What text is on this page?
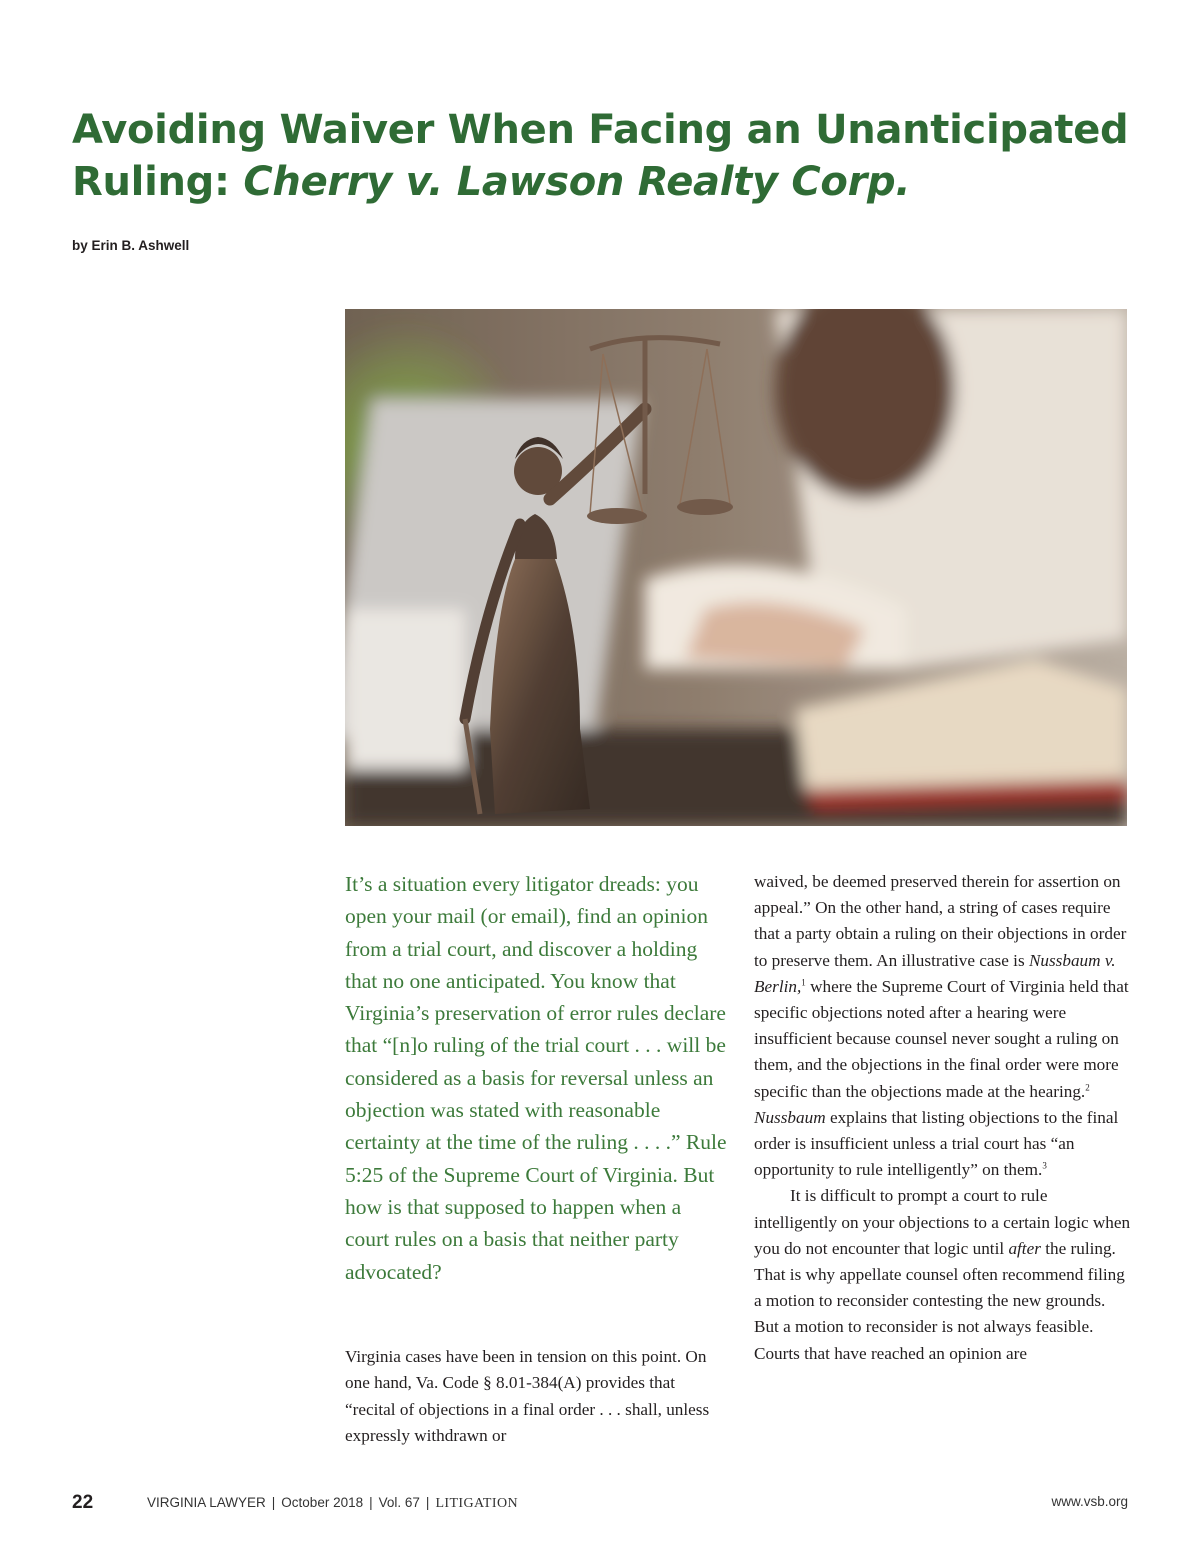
Avoiding Waiver When Facing an Unanticipated
Ruling: Cherry v. Lawson Realty Corp.

by Erin B. Ashwell

It’s a situation every litigator dreads: you open your mail (or email), find an opinion from a trial court, and discover a holding that no one anticipated. You know that Virginia’s preservation of error rules declare that “[n]o ruling of the trial court . . . will be considered as a basis for reversal unless an objection was stated with reasonable certainty at the time of the ruling . . . .” Rule 5:25 of the Supreme Court of Virginia. But how is that supposed to happen when a court rules on a basis that neither party advocated?

Virginia cases have been in tension on this point. On one hand, Va. Code § 8.01-384(A) provides that “recital of objections in a final order . . . shall, unless expressly withdrawn or

waived, be deemed preserved therein for assertion on appeal.” On the other hand, a string of cases require that a party obtain a ruling on their objections in order to preserve them. An illustrative case is Nussbaum v. Berlin,$^1$ where the Supreme Court of Virginia held that specific objections noted after a hearing were insufficient because counsel never sought a ruling on them, and the objections in the final order were more specific than the objections made at the hearing.$^2$ Nussbaum explains that listing objections to the final order is insufficient unless a trial court has “an opportunity to rule intelligently” on them.$^3$

It is difficult to prompt a court to rule intelligently on your objections to a certain logic when you do not encounter that logic until after the ruling. That is why appellate counsel often recommend filing a motion to reconsider contesting the new grounds. But a motion to reconsider is not always feasible. Courts that have reached an opinion are

22	VIRGINIA LAWYER | October 2018 | Vol. 67 | LITIGATION	www.vsb.org
